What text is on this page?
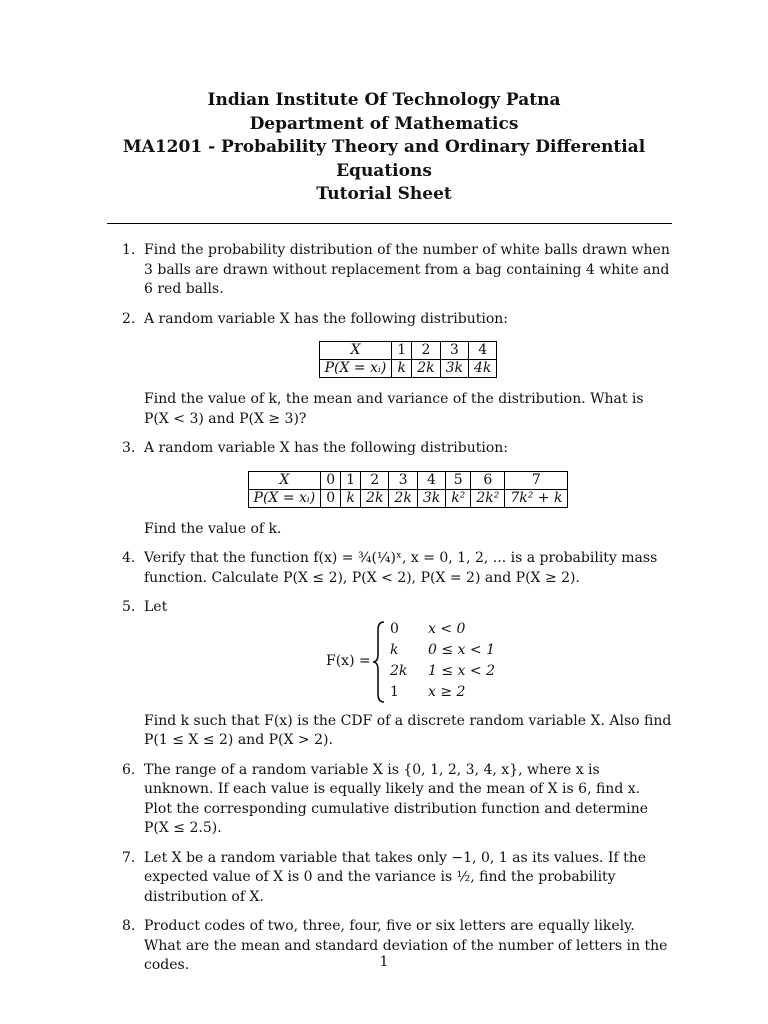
Indian Institute Of Technology Patna
Department of Mathematics
MA1201 - Probability Theory and Ordinary Differential
Equations
Tutorial Sheet
1. Find the probability distribution of the number of white balls drawn when 3 balls are drawn without replacement from a bag containing 4 white and 6 red balls.

2. A random variable X has the following distribution:

X	1	2	3	4
P(X = xᵢ)	k	2k	3k	4k

Find the value of k, the mean and variance of the distribution. What is P(X < 3) and P(X ≥ 3)?

3. A random variable X has the following distribution:

X	0	1	2	3	4	5	6	7
P(X = xᵢ)	0	k	2k	2k	3k	k²	2k²	7k² + k

Find the value of k.

4. Verify that the function f(x) = ¾(¼)ˣ, x = 0, 1, 2, ... is a probability mass function. Calculate P(X ≤ 2), P(X < 2), P(X = 2) and P(X ≥ 2).

5. Let

F(x) =
0 x < 0
k 0 ≤ x < 1
2k 1 ≤ x < 2
1 x ≥ 2

Find k such that F(x) is the CDF of a discrete random variable X. Also find P(1 ≤ X ≤ 2) and P(X > 2).

6. The range of a random variable X is {0, 1, 2, 3, 4, x}, where x is unknown. If each value is equally likely and the mean of X is 6, find x. Plot the corresponding cumulative distribution function and determine P(X ≤ 2.5).

7. Let X be a random variable that takes only −1, 0, 1 as its values. If the expected value of X is 0 and the variance is ½, find the probability distribution of X.

8. Product codes of two, three, four, five or six letters are equally likely. What are the mean and standard deviation of the number of letters in the codes.	1
